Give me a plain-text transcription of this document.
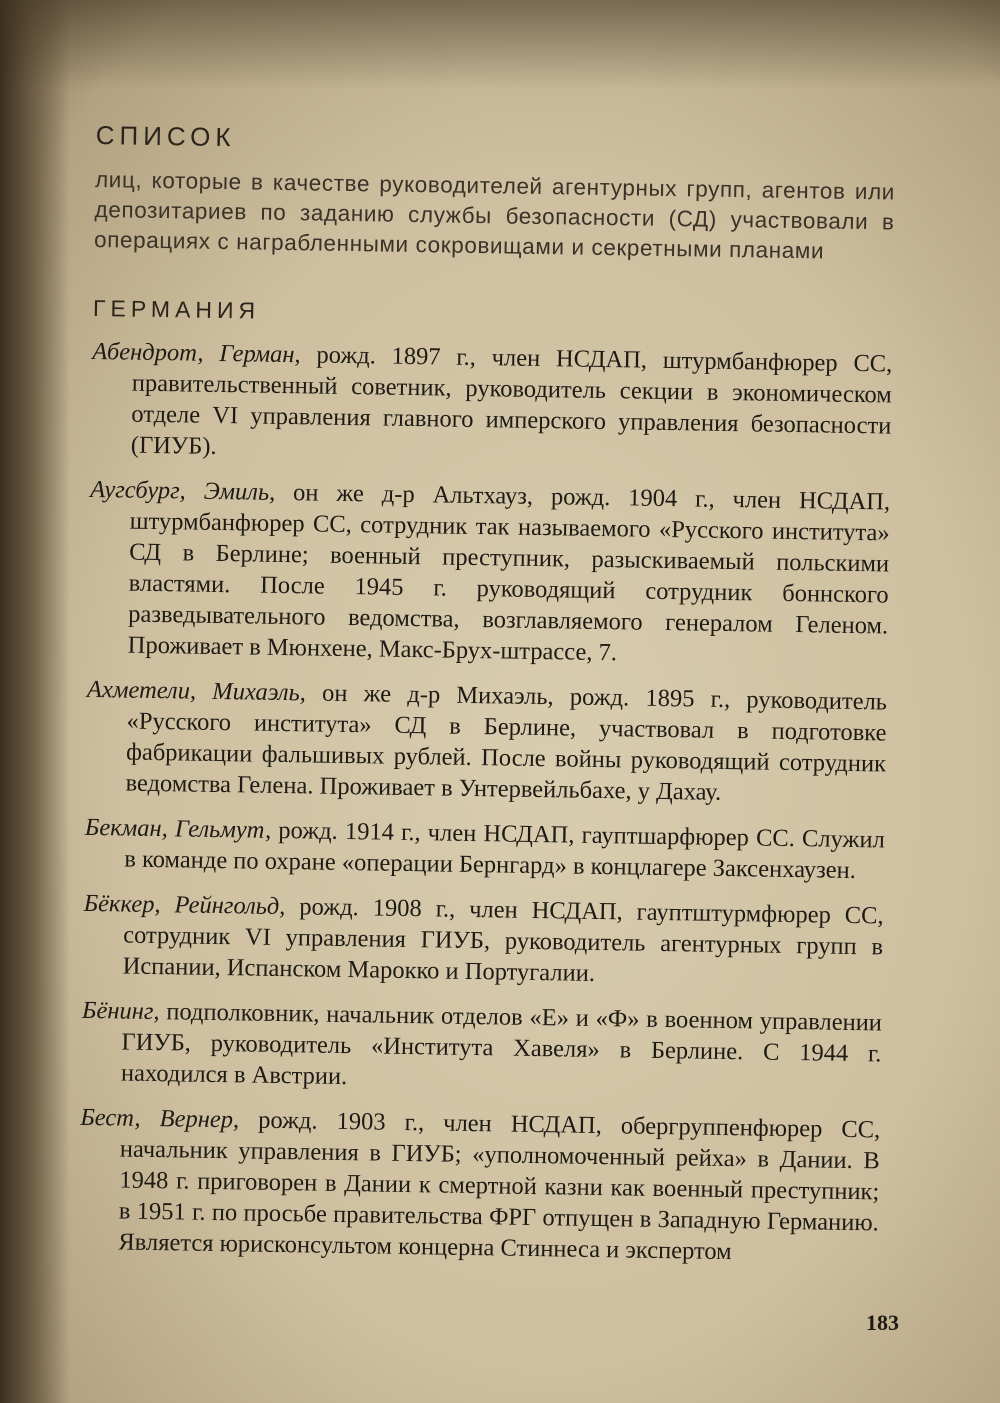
СПИСОК
лиц, которые в качестве руководителей агентурных групп, агентов или депозитариев по заданию службы безопасности (СД) участвовали в операциях с награбленными сокровищами и секретными планами
ГЕРМАНИЯ

Абендрот, Герман, рожд. 1897 г., член НСДАП, штурмбанфюрер СС, правительственный советник, руководитель секции в экономическом отделе VI управления главного имперского управления безопасности (ГИУБ).

Аугсбург, Эмиль, он же д-р Альтхауз, рожд. 1904 г., член НСДАП, штурмбанфюрер СС, сотрудник так называемого «Русского института» СД в Берлине; военный преступник, разыскиваемый польскими властями. После 1945 г. руководящий сотрудник боннского разведывательного ведомства, возглавляемого генералом Геленом. Проживает в Мюнхене, Макс-Брух-штрассе, 7.

Ахметели, Михаэль, он же д-р Михаэль, рожд. 1895 г., руководитель «Русского института» СД в Берлине, участвовал в подготовке фабрикации фальшивых рублей. После войны руководящий сотрудник ведомства Гелена. Проживает в Унтервейльбахе, у Дахау.

Бекман, Гельмут, рожд. 1914 г., член НСДАП, гауптшарфюрер СС. Служил в команде по охране «операции Бернгард» в концлагере Заксенхаузен.

Бёккер, Рейнгольд, рожд. 1908 г., член НСДАП, гауптштурмфюрер СС, сотрудник VI управления ГИУБ, руководитель агентурных групп в Испании, Испанском Марокко и Португалии.

Бёнинг, подполковник, начальник отделов «Е» и «Ф» в военном управлении ГИУБ, руководитель «Института Хавеля» в Берлине. С 1944 г. находился в Австрии.

Бест, Вернер, рожд. 1903 г., член НСДАП, обергруппенфюрер СС, начальник управления в ГИУБ; «уполномоченный рейха» в Дании. В 1948 г. приговорен в Дании к смертной казни как военный преступник; в 1951 г. по просьбе правительства ФРГ отпущен в Западную Германию. Является юрисконсультом концерна Стиннеса и экспертом

183
